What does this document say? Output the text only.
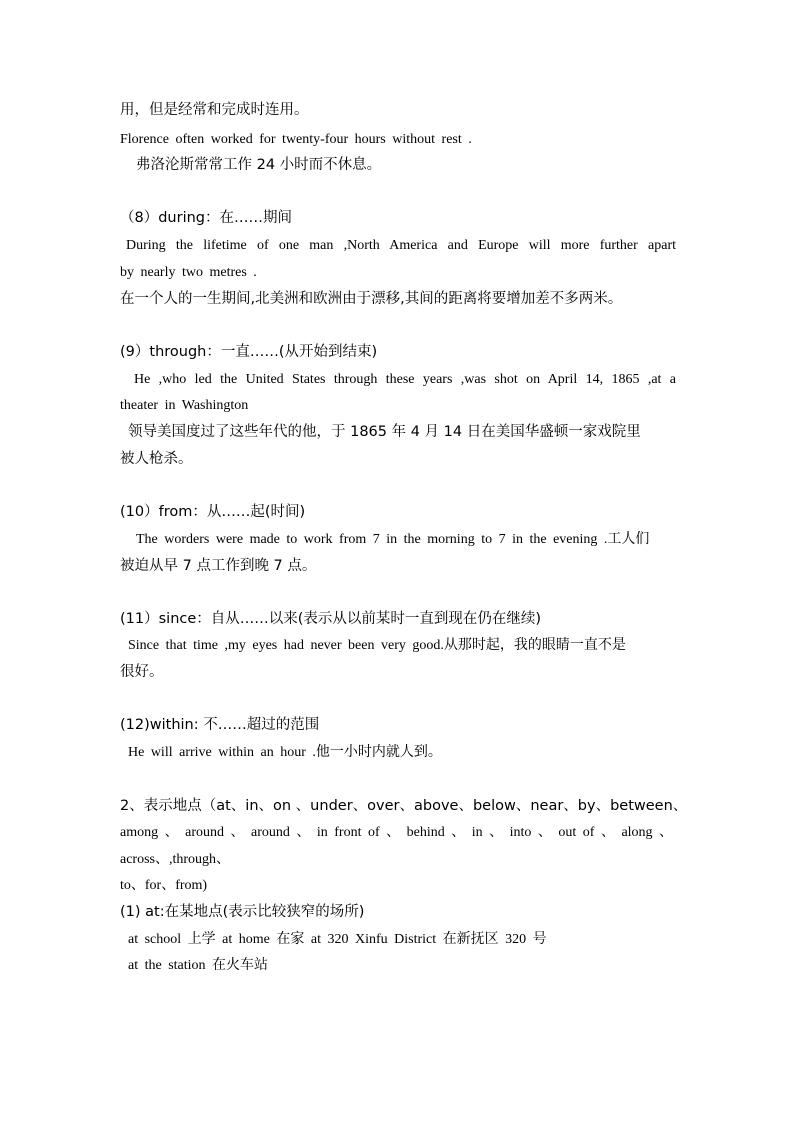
用，但是经常和完成时连用。
Florence often worked for twenty-four hours without rest .
弗洛沦斯常常工作 24 小时而不休息。
（8）during：在……期间
During the lifetime of one man ,North America and Europe will more further apart
by nearly two metres .
在一个人的一生期间,北美洲和欧洲由于漂移,其间的距离将要增加差不多两米。
(9）through：一直……(从开始到结束)
He ,who led the United States through these years ,was shot on April 14, 1865 ,at a
theater in Washington
领导美国度过了这些年代的他，于 1865 年 4 月 14 日在美国华盛顿一家戏院里
被人枪杀。
(10）from：从……起(时间)
The worders were made to work from 7 in the morning to 7 in the evening .工人们
被迫从早 7 点工作到晚 7 点。
(11）since：自从……以来(表示从以前某时一直到现在仍在继续)
Since that time ,my eyes had never been very good.从那时起，我的眼睛一直不是
很好。
(12)within: 不……超过的范围
He will arrive within an hour .他一小时内就人到。
2、表示地点（at、in、on 、under、over、above、below、near、by、between、
among 、 around 、 around 、 in front of 、 behind 、 in 、 into 、 out of 、 along 、
across、,through、
to、for、from)
(1) at:在某地点(表示比较狭窄的场所)
at school 上学 at home 在家 at 320 Xinfu District 在新抚区 320 号
at the station 在火车站
